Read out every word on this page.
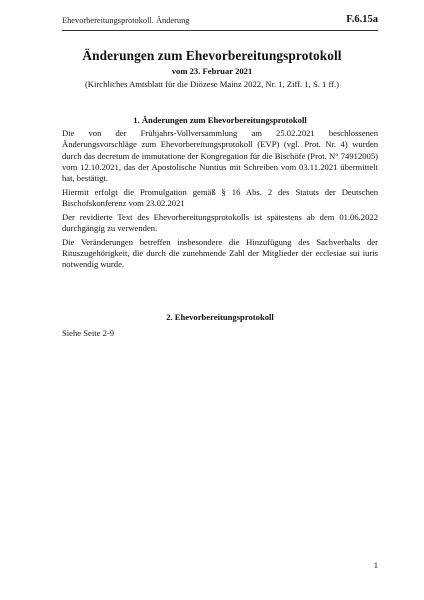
Ehevorbereitungsprotokoll. Änderung	F.6.15a
Änderungen zum Ehevorbereitungsprotokoll
vom 23. Februar 2021
(Kirchliches Amtsblatt für die Diözese Mainz 2022, Nr. 1, Ziff. 1, S. 1 ff.)
1. Änderungen zum Ehevorbereitungsprotokoll

Die von der Frühjahrs-Vollversammlung am 25.02.2021 beschlossenen Änderungsvorschläge zum Ehevorbereitungsprotokoll (EVP) (vgl. Prot. Nr. 4) wurden durch das decretum de immutatione der Kongregation für die Bischöfe (Prot. N° 74912005) vom 12.10.2021, das der Apostolische Nuntius mit Schreiben vom 03.11.2021 übermittelt hat, bestätigt.

Hiermit erfolgt die Promulgation gemäß § 16 Abs. 2 des Statuts der Deutschen Bischofskonferenz vom 23.02.2021

Der revidierte Text des Ehevorbereitungsprotokolls ist spätestens ab dem 01.06.2022 durchgängig zu verwenden.

Die Veränderungen betreffen insbesondere die Hinzufügung des Sachverhalts der Rituszugehörigkeit, die durch die zunehmende Zahl der Mitglieder der ecclesiae sui iuris notwendig wurde.

2. Ehevorbereitungsprotokoll

Siehe Seite 2-9

1
